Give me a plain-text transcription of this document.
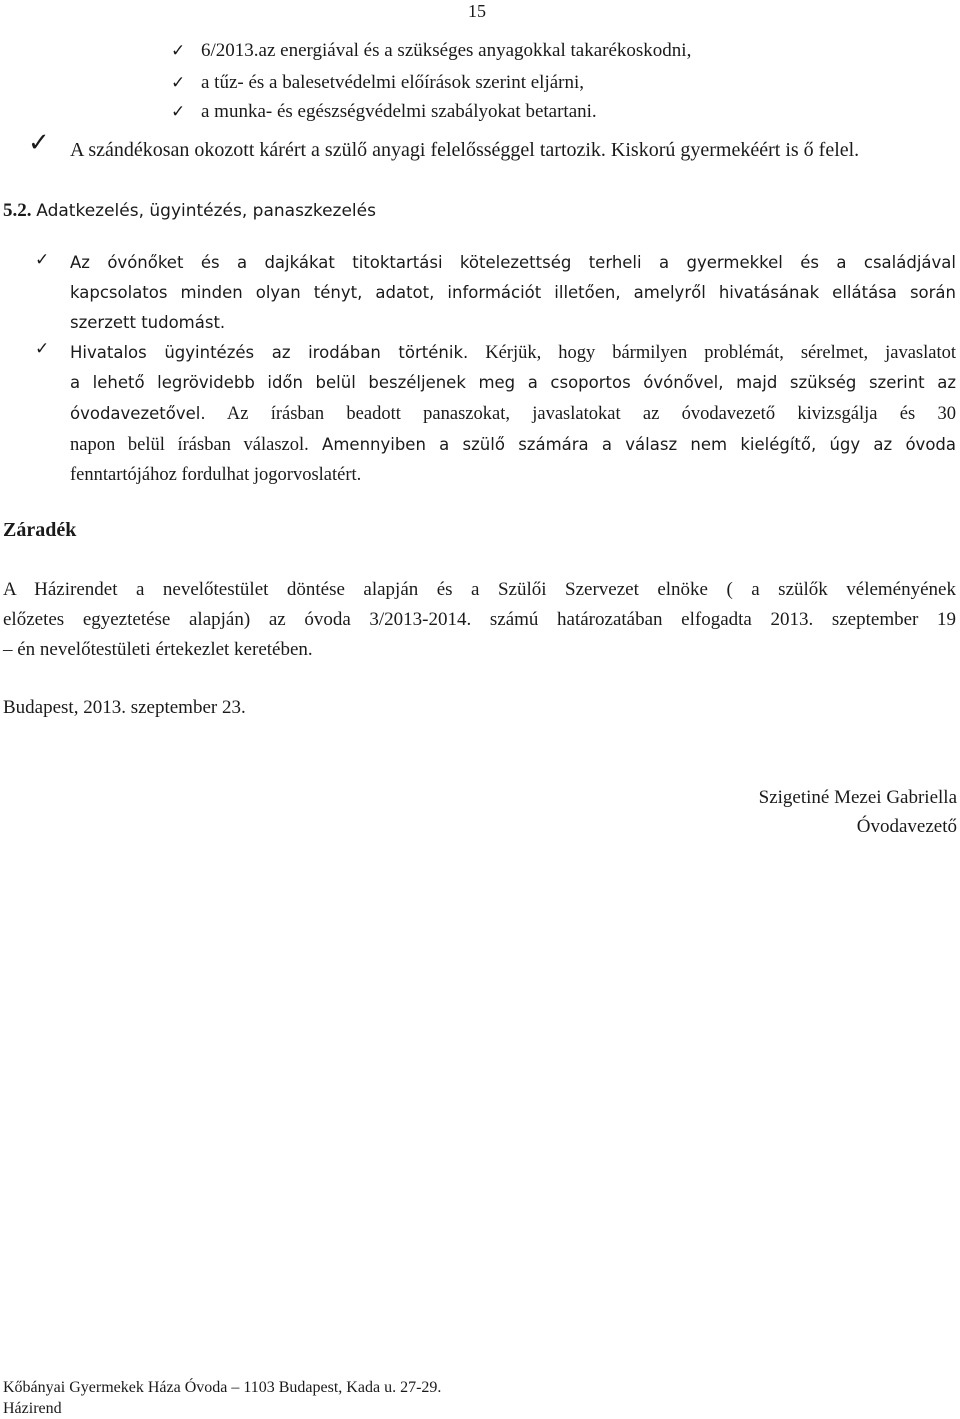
15
✓ 6/2013.az energiával és a szükséges anyagokkal takarékoskodni,
✓ a tűz- és a balesetvédelmi előírások szerint eljárni,
✓ a munka- és egészségvédelmi szabályokat betartani.
✓ A szándékosan okozott kárért a szülő anyagi felelősséggel tartozik. Kiskorú gyermekéért is ő felel.
5.2. Adatkezelés, ügyintézés, panaszkezelés
✓ Az óvónőket és a dajkákat titoktartási kötelezettség terheli a gyermekkel és a családjával
kapcsolatos minden olyan tényt, adatot, információt illetően, amelyről hivatásának ellátása során
szerzett tudomást.
✓ Hivatalos ügyintézés az irodában történik. Kérjük, hogy bármilyen problémát, sérelmet, javaslatot
a lehető legrövidebb időn belül beszéljenek meg a csoportos óvónővel, majd szükség szerint az
óvodavezetővel. Az írásban beadott panaszokat, javaslatokat az óvodavezető kivizsgálja és 30
napon belül írásban válaszol. Amennyiben a szülő számára a válasz nem kielégítő, úgy az óvoda
fenntartójához fordulhat jogorvoslatért.
Záradék
A Házirendet a nevelőtestület döntése alapján és a Szülői Szervezet elnöke ( a szülők véleményének
előzetes egyeztetése alapján) az óvoda 3/2013-2014. számú határozatában elfogadta 2013. szeptember 19
– én nevelőtestületi értekezlet keretében.
Budapest, 2013. szeptember 23.
Szigetiné Mezei Gabriella
Óvodavezető
Kőbányai Gyermekek Háza Óvoda – 1103 Budapest, Kada u. 27-29.
Házirend
